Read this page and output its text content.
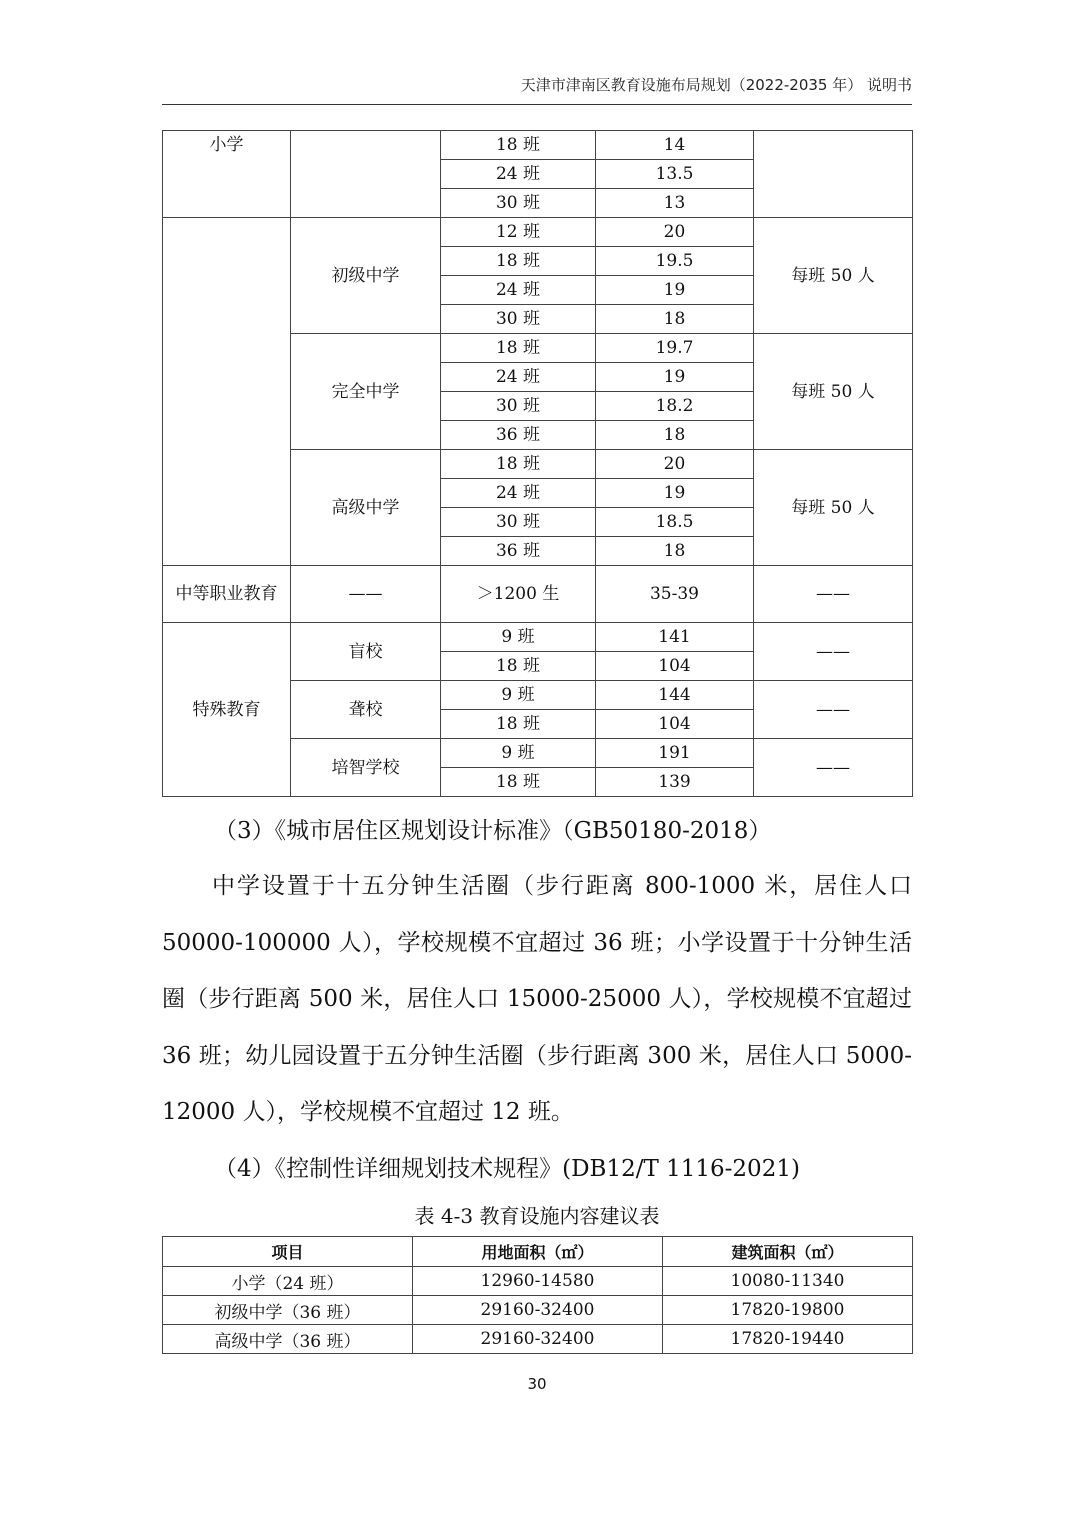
天津市津南区教育设施布局规划（2022-2035 年） 说明书
小学		18 班	14	
		24 班	13.5	
		30 班	13	
	初级中学	12 班	20	每班 50 人
		18 班	19.5	
		24 班	19	
		30 班	18	
	完全中学	18 班	19.7	每班 50 人
		24 班	19	
		30 班	18.2	
		36 班	18	
	高级中学	18 班	20	每班 50 人
		24 班	19	
		30 班	18.5	
		36 班	18	
中等职业教育	——	＞1200 生	35-39	——
特殊教育	盲校	9 班	141	——
		18 班	104	
	聋校	9 班	144	——
		18 班	104	
	培智学校	9 班	191	——
		18 班	139	
（3）《城市居住区规划设计标准》（GB50180-2018）
中学设置于十五分钟生活圈（步行距离 800-1000 米，居住人口 50000-100000 人），学校规模不宜超过 36 班；小学设置于十分钟生活圈（步行距离 500 米，居住人口 15000-25000 人），学校规模不宜超过 36 班；幼儿园设置于五分钟生活圈（步行距离 300 米，居住人口 5000-12000 人），学校规模不宜超过 12 班。
（4）《控制性详细规划技术规程》(DB12/T 1116-2021)
表 4-3 教育设施内容建议表
项目	用地面积（㎡）	建筑面积（㎡）
小学（24 班）	12960-14580	10080-11340
初级中学（36 班）	29160-32400	17820-19800
高级中学（36 班）	29160-32400	17820-19440
30
